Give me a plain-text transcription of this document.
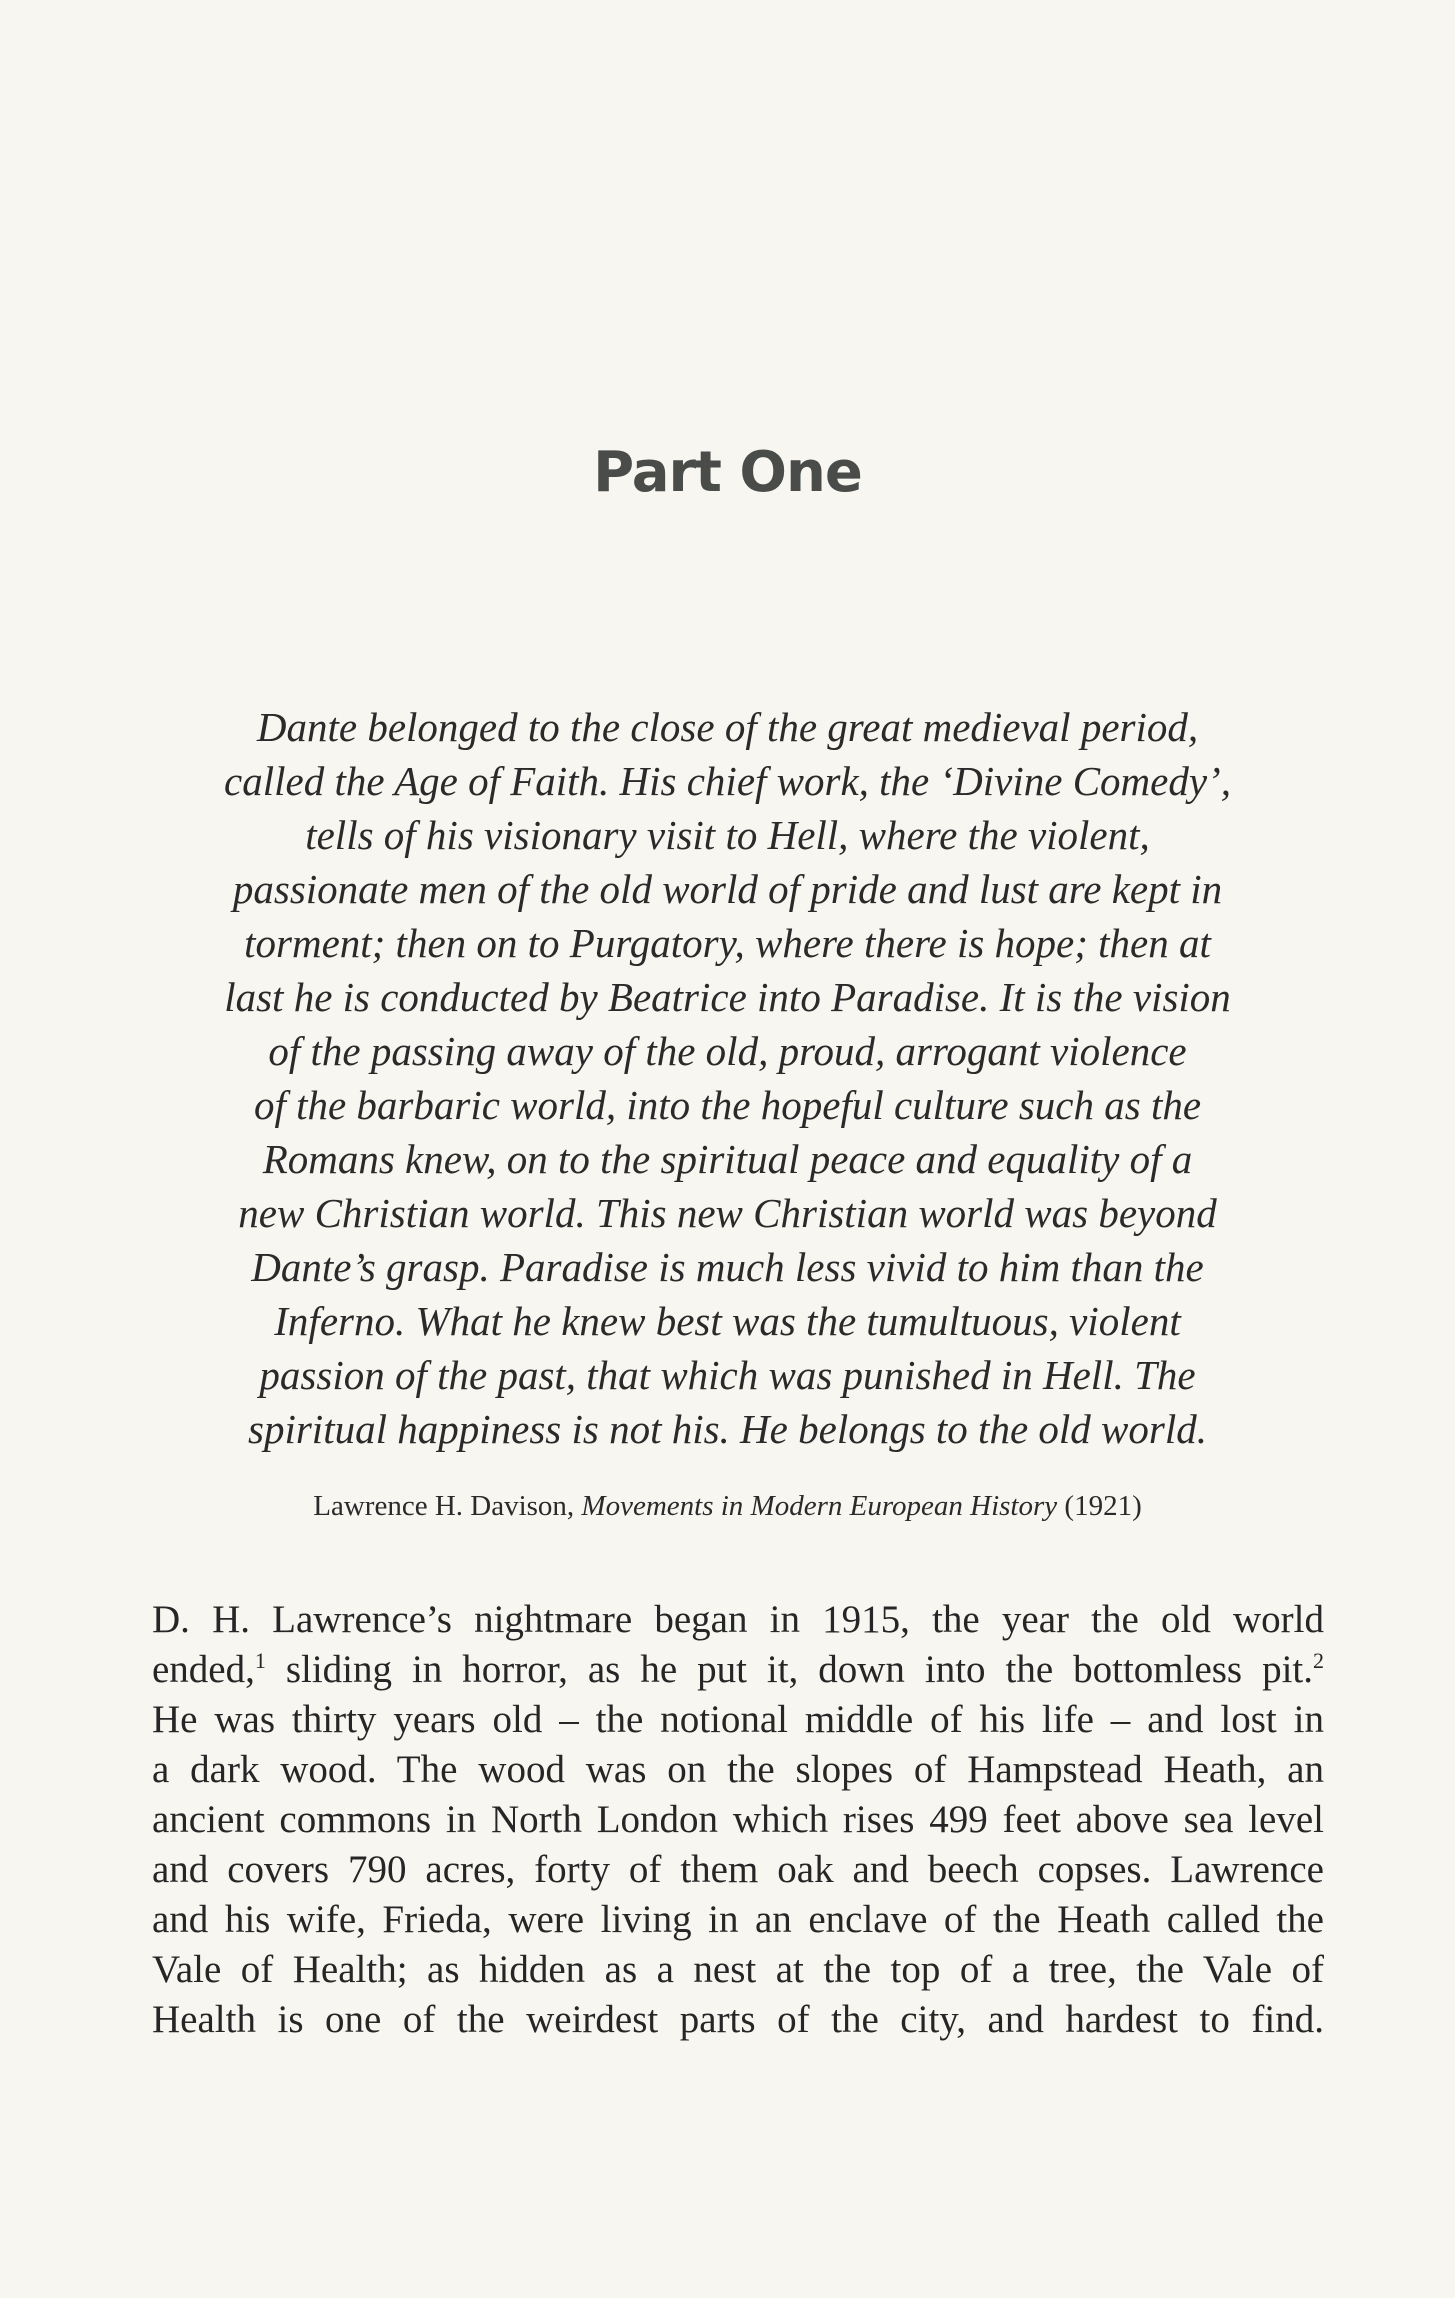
Part One
Dante belonged to the close of the great medieval period,
called the Age of Faith. His chief work, the ‘Divine Comedy’,
tells of his visionary visit to Hell, where the violent,
passionate men of the old world of pride and lust are kept in
torment; then on to Purgatory, where there is hope; then at
last he is conducted by Beatrice into Paradise. It is the vision
of the passing away of the old, proud, arrogant violence
of the barbaric world, into the hopeful culture such as the
Romans knew, on to the spiritual peace and equality of a
new Christian world. This new Christian world was beyond
Dante’s grasp. Paradise is much less vivid to him than the
Inferno. What he knew best was the tumultuous, violent
passion of the past, that which was punished in Hell. The
spiritual happiness is not his. He belongs to the old world.
Lawrence H. Davison, Movements in Modern European History (1921)
D. H. Lawrence’s nightmare began in 1915, the year the old world
ended,$^1$ sliding in horror, as he put it, down into the bottomless pit.$^2$
He was thirty years old – the notional middle of his life – and lost in
a dark wood. The wood was on the slopes of Hampstead Heath, an
ancient commons in North London which rises 499 feet above sea level
and covers 790 acres, forty of them oak and beech copses. Lawrence
and his wife, Frieda, were living in an enclave of the Heath called the
Vale of Health; as hidden as a nest at the top of a tree, the Vale of
Health is one of the weirdest parts of the city, and hardest to find.
